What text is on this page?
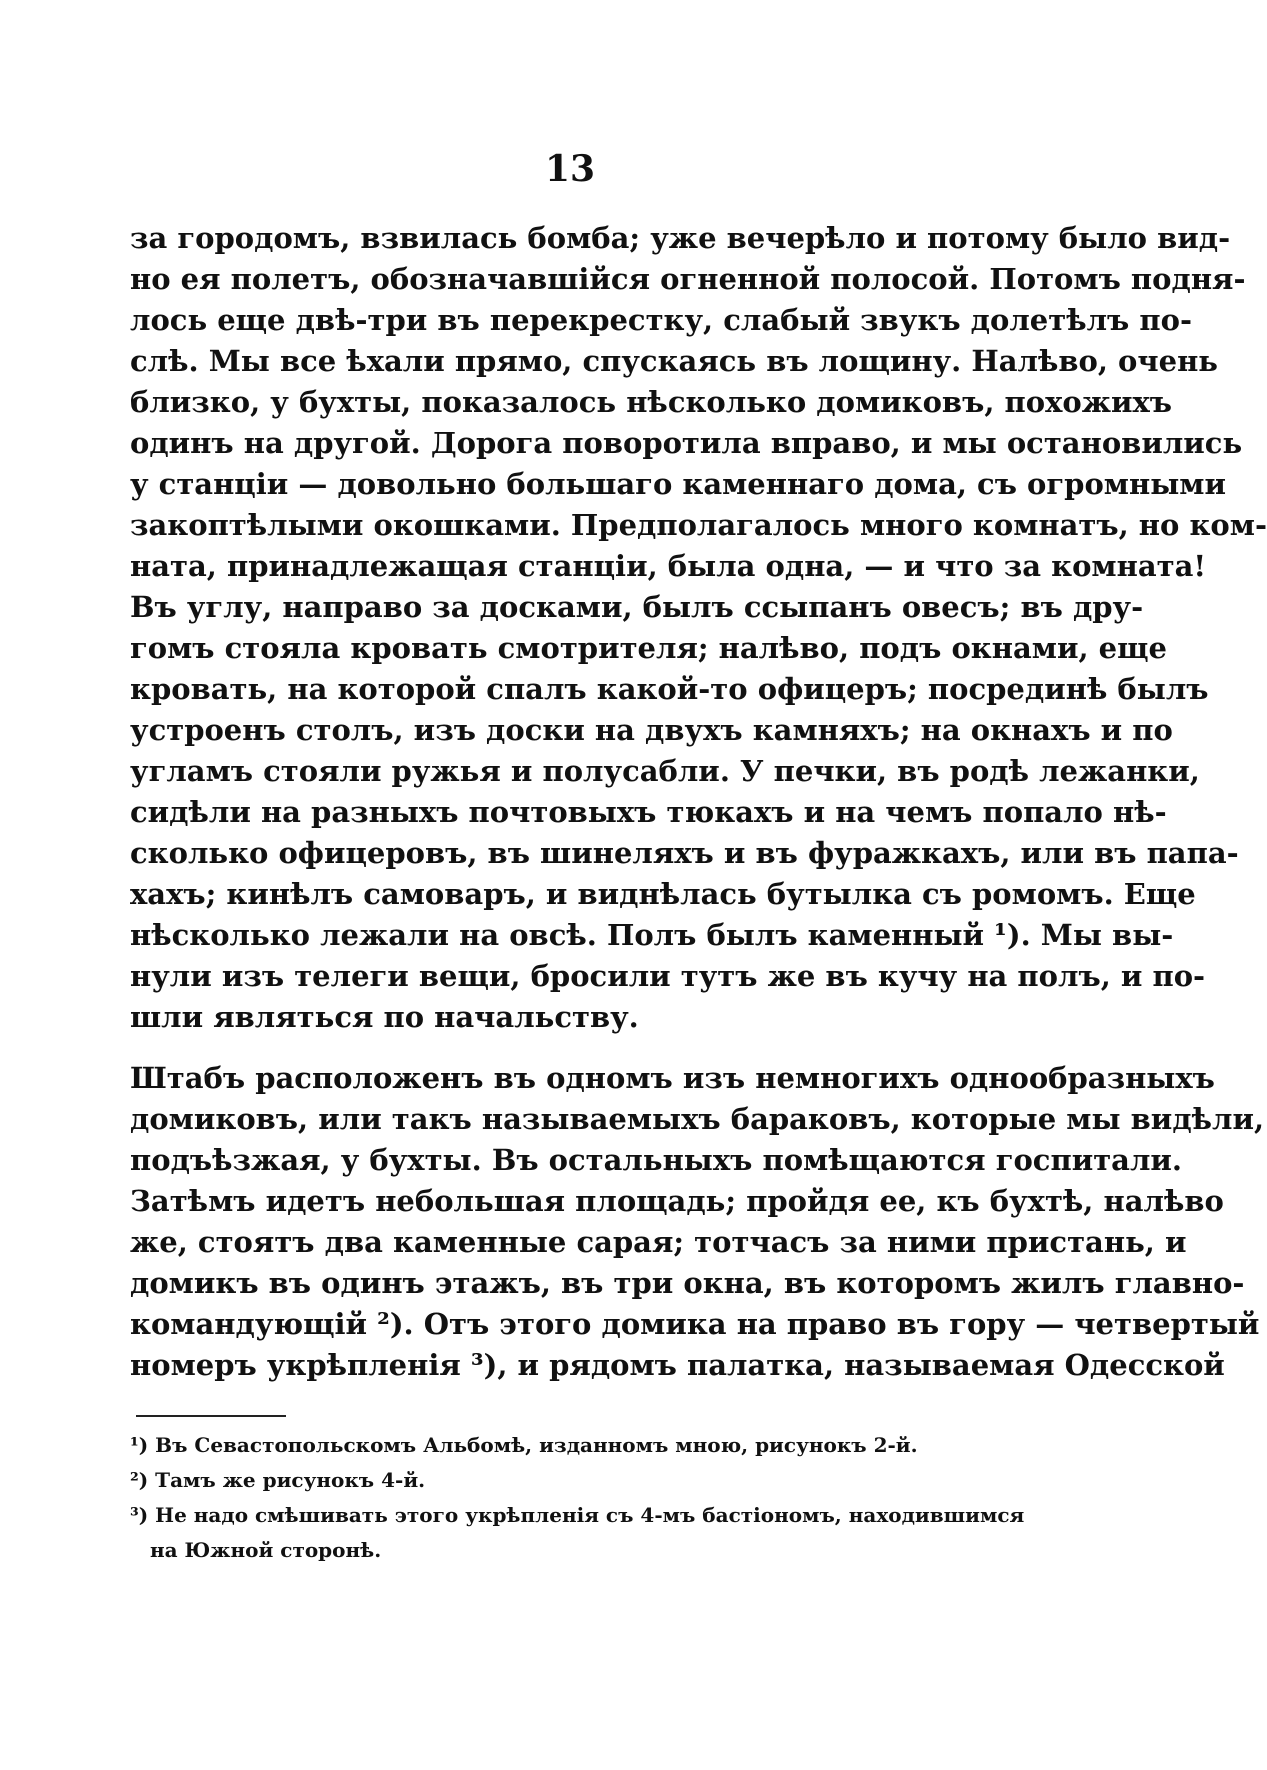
13
за городомъ, взвилась бомба; уже вечерѣло и потому было вид-
но ея полетъ, обозначавшійся огненной полосой. Потомъ подня-
лось еще двѣ-три въ перекрестку, слабый звукъ долетѣлъ по-
слѣ. Мы все ѣхали прямо, спускаясь въ лощину. Налѣво, очень
близко, у бухты, показалось нѣсколько домиковъ, похожихъ
одинъ на другой. Дорога поворотила вправо, и мы остановились
у станціи — довольно большаго каменнаго дома, съ огромными
закоптѣлыми окошками. Предполагалось много комнатъ, но ком-
ната, принадлежащая станціи, была одна, — и что за комната!
Въ углу, направо за досками, былъ ссыпанъ овесъ; въ дру-
гомъ стояла кровать смотрителя; налѣво, подъ окнами, еще
кровать, на которой спалъ какой-то офицеръ; посрединѣ былъ
устроенъ столъ, изъ доски на двухъ камняхъ; на окнахъ и по
угламъ стояли ружья и полусабли. У печки, въ родѣ лежанки,
сидѣли на разныхъ почтовыхъ тюкахъ и на чемъ попало нѣ-
сколько офицеровъ, въ шинеляхъ и въ фуражкахъ, или въ папа-
хахъ; кинѣлъ самоваръ, и виднѣлась бутылка съ ромомъ. Еще
нѣсколько лежали на овсѣ. Полъ былъ каменный ¹). Мы вы-
нули изъ телеги вещи, бросили тутъ же въ кучу на полъ, и по-
шли являться по начальству.
Штабъ расположенъ въ одномъ изъ немногихъ однообразныхъ
домиковъ, или такъ называемыхъ бараковъ, которые мы видѣли,
подъѣзжая, у бухты. Въ остальныхъ помѣщаются госпитали.
Затѣмъ идетъ небольшая площадь; пройдя ее, къ бухтѣ, налѣво
же, стоятъ два каменные сарая; тотчасъ за ними пристань, и
домикъ въ одинъ этажъ, въ три окна, въ которомъ жилъ главно-
командующій ²). Отъ этого домика на право въ гору — четвертый
номеръ укрѣпленія ³), и рядомъ палатка, называемая Одесской
¹) Въ Севастопольскомъ Альбомѣ, изданномъ мною, рисунокъ 2-й.
²) Тамъ же рисунокъ 4-й.
³) Не надо смѣшивать этого укрѣпленія съ 4-мъ бастіономъ, находившимся
на Южной сторонѣ.
